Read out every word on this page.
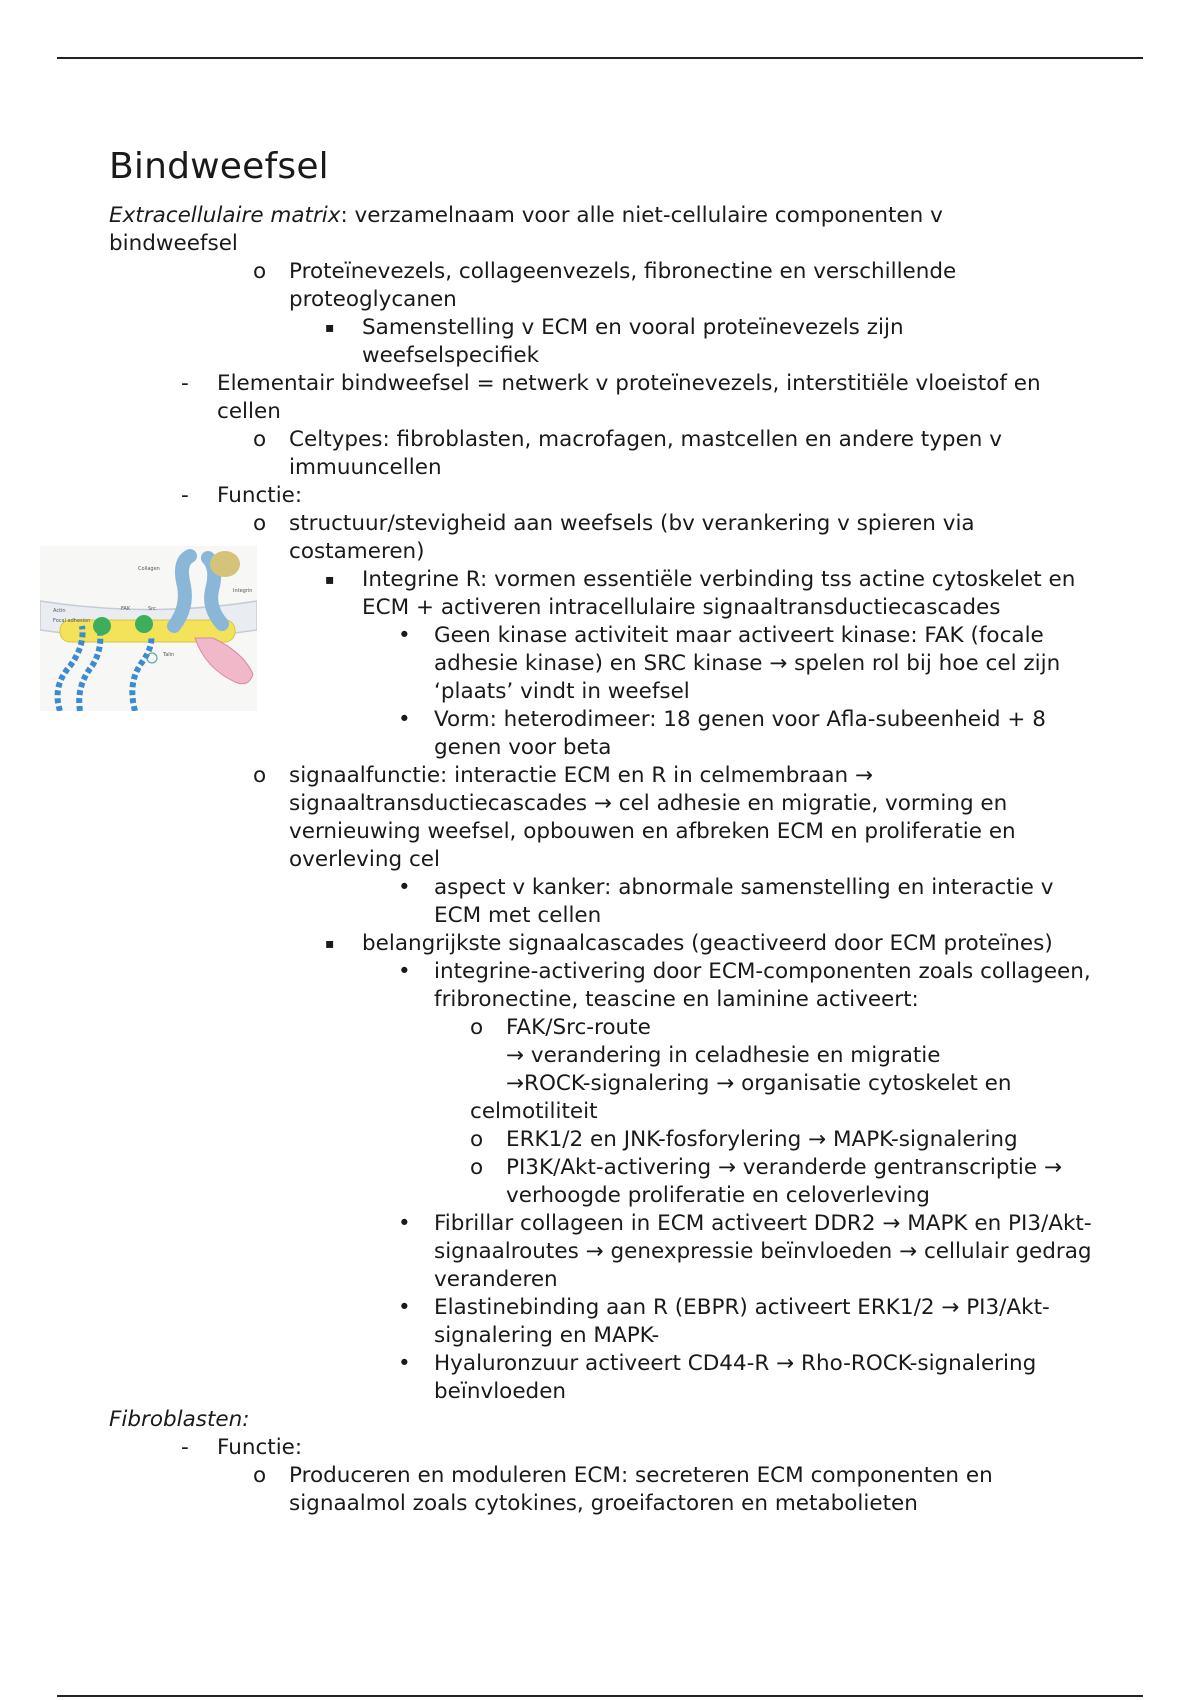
Bindweefsel
Extracellulaire matrix: verzamelnaam voor alle niet-cellulaire componenten v bindweefsel
o Proteïnevezels, collageenvezels, fibronectine en verschillende proteoglycanen
▪ Samenstelling v ECM en vooral proteïnevezels zijn weefselspecifiek
- Elementair bindweefsel = netwerk v proteïnevezels, interstitiële vloeistof en cellen
o Celtypes: fibroblasten, macrofagen, mastcellen en andere typen v immuuncellen
- Functie:
o structuur/stevigheid aan weefsels (bv verankering v spieren via costameren)
▪ Integrine R: vormen essentiële verbinding tss actine cytoskelet en ECM + activeren intracellulaire signaaltransductiecascades
• Geen kinase activiteit maar activeert kinase: FAK (focale adhesie kinase) en SRC kinase → spelen rol bij hoe cel zijn ‘plaats’ vindt in weefsel
• Vorm: heterodimeer: 18 genen voor Afla-subeenheid + 8 genen voor beta
o signaalfunctie: interactie ECM en R in celmembraan → signaaltransductiecascades → cel adhesie en migratie, vorming en vernieuwing weefsel, opbouwen en afbreken ECM en proliferatie en overleving cel
• aspect v kanker: abnormale samenstelling en interactie v ECM met cellen
▪ belangrijkste signaalcascades (geactiveerd door ECM proteïnes)
• integrine-activering door ECM-componenten zoals collageen, fribronectine, teascine en laminine activeert:
o FAK/Src-route
→ verandering in celadhesie en migratie
→ROCK-signalering → organisatie cytoskelet en
celmotiliteit
o ERK1/2 en JNK-fosforylering → MAPK-signalering
o PI3K/Akt-activering → veranderde gentranscriptie → verhoogde proliferatie en celoverleving
• Fibrillar collageen in ECM activeert DDR2 → MAPK en PI3/Akt-signaalroutes → genexpressie beïnvloeden → cellulair gedrag veranderen
• Elastinebinding aan R (EBPR) activeert ERK1/2 → PI3/Akt-signalering en MAPK-
• Hyaluronzuur activeert CD44-R → Rho-ROCK-signalering beïnvloeden
Fibroblasten:
- Functie:
o Produceren en moduleren ECM: secreteren ECM componenten en signaalmol zoals cytokines, groeifactoren en metabolieten
Collagen
Integrin
Actin
Talin
FAK	Src
Focal adhesion
